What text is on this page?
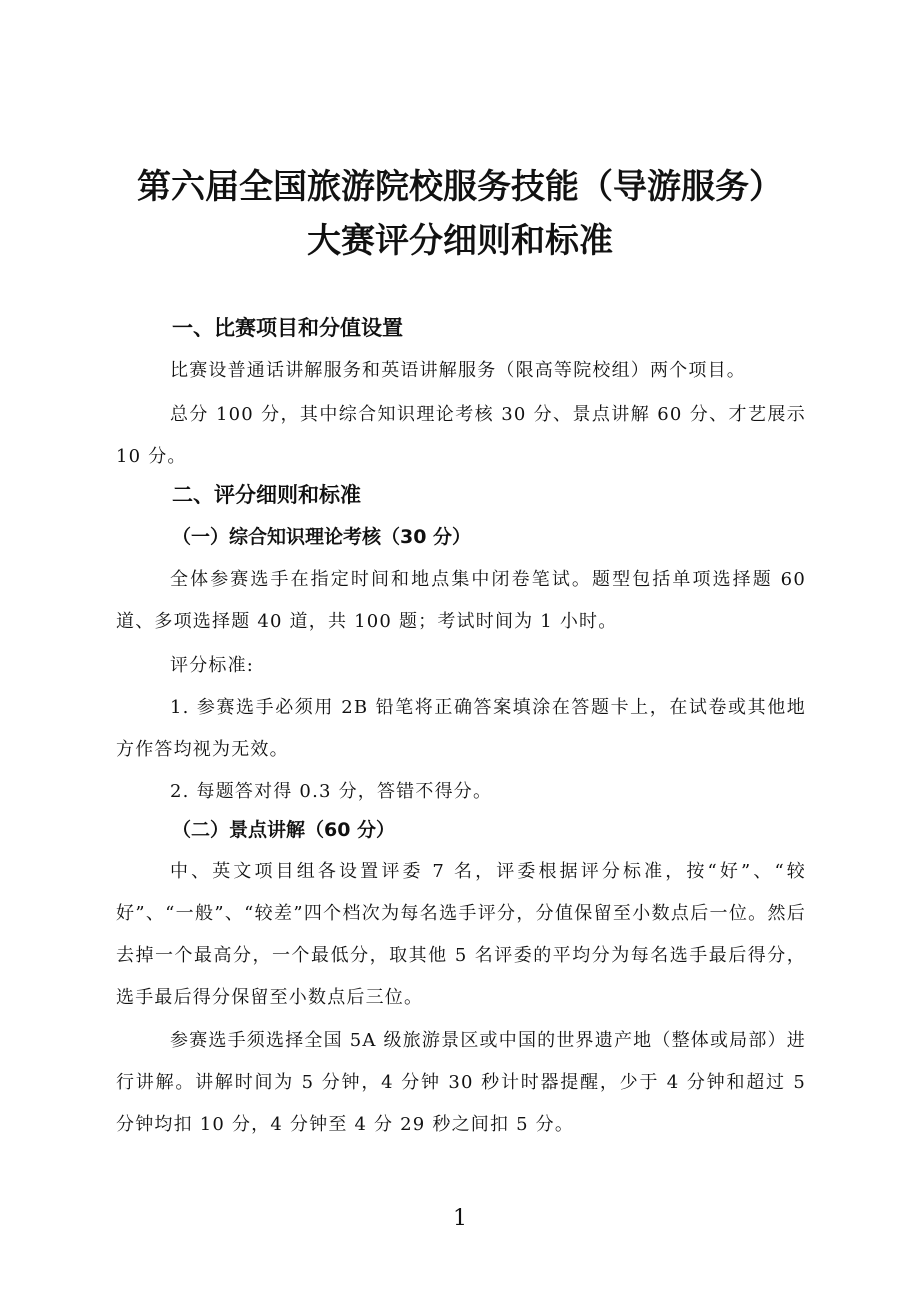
第六届全国旅游院校服务技能（导游服务）
大赛评分细则和标准
一、比赛项目和分值设置
比赛设普通话讲解服务和英语讲解服务（限高等院校组）两个项目。
总分 100 分，其中综合知识理论考核 30 分、景点讲解 60 分、才艺展示 10 分。
二、评分细则和标准
（一）综合知识理论考核（30 分）
全体参赛选手在指定时间和地点集中闭卷笔试。题型包括单项选择题 60 道、多项选择题 40 道，共 100 题；考试时间为 1 小时。
评分标准:
1. 参赛选手必须用 2B 铅笔将正确答案填涂在答题卡上，在试卷或其他地方作答均视为无效。
2. 每题答对得 0.3 分，答错不得分。
（二）景点讲解（60 分）
中、英文项目组各设置评委 7 名，评委根据评分标准，按“好”、“较好”、“一般”、“较差”四个档次为每名选手评分，分值保留至小数点后一位。然后去掉一个最高分，一个最低分，取其他 5 名评委的平均分为每名选手最后得分，选手最后得分保留至小数点后三位。
参赛选手须选择全国 5A 级旅游景区或中国的世界遗产地（整体或局部）进行讲解。讲解时间为 5 分钟，4 分钟 30 秒计时器提醒，少于 4 分钟和超过 5 分钟均扣 10 分，4 分钟至 4 分 29 秒之间扣 5 分。
1
